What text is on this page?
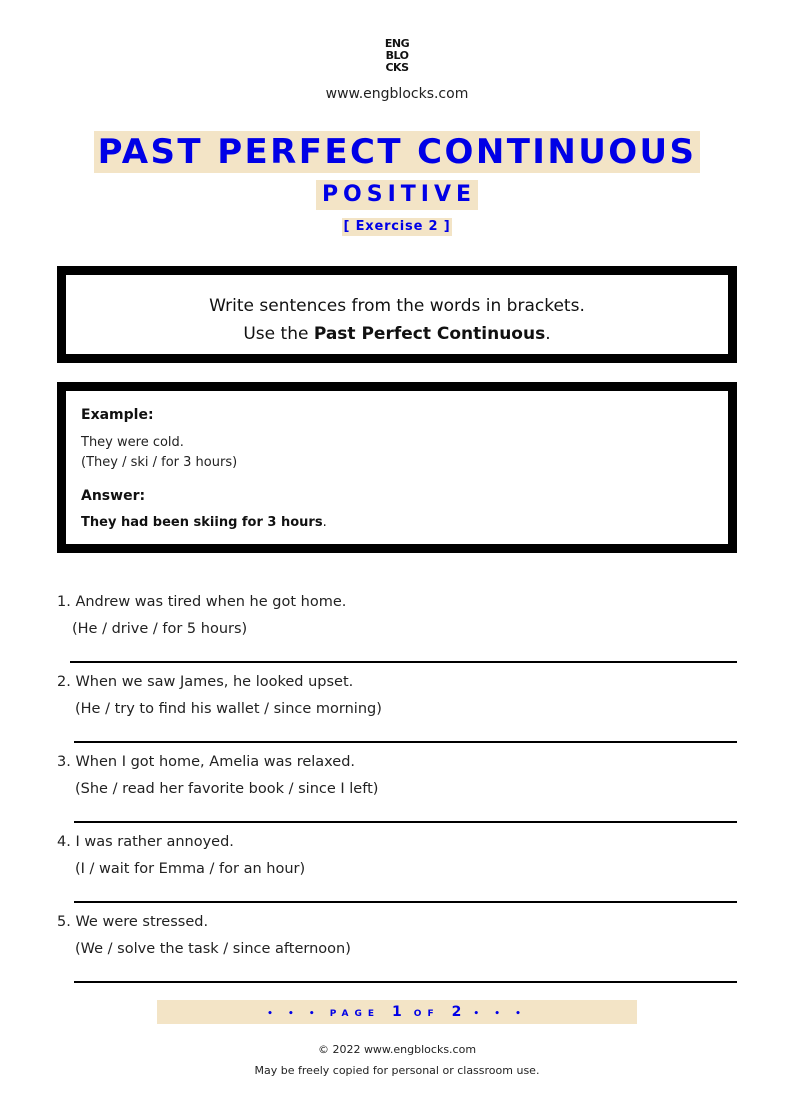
ENG
BLO
CKS
www.engblocks.com
PAST PERFECT CONTINUOUS
POSITIVE
[ Exercise 2 ]
Write sentences from the words in brackets.
Use the Past Perfect Continuous.
Example:
They were cold.
(They / ski / for 3 hours)
Answer:
They had been skiing for 3 hours.
1. Andrew was tired when he got home.
(He / drive / for 5 hours)
2. When we saw James, he looked upset.
(He / try to find his wallet / since morning)
3. When I got home, Amelia was relaxed.
(She / read her favorite book / since I left)
4. I was rather annoyed.
(I / wait for Emma / for an hour)
5. We were stressed.
(We / solve the task / since afternoon)
• • • PAGE 1 OF 2 • • •
© 2022 www.engblocks.com
May be freely copied for personal or classroom use.
